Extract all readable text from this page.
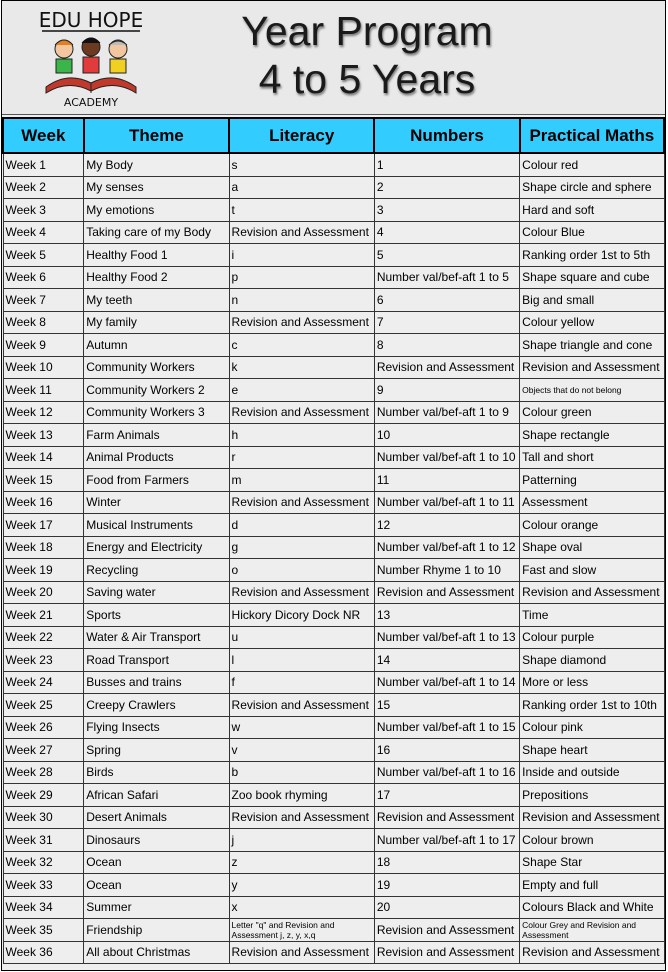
EDU HOPE
ACADEMY
Year Program
4 to 5 Years
Week	Theme	Literacy	Numbers	Practical Maths
Week 1	My Body	s	1	Colour red
Week 2	My senses	a	2	Shape circle and sphere
Week 3	My emotions	t	3	Hard and soft
Week 4	Taking care of my Body	Revision and Assessment	4	Colour Blue
Week 5	Healthy Food 1	i	5	Ranking order 1st to 5th
Week 6	Healthy Food 2	p	Number val/bef-aft 1 to 5	Shape square and cube
Week 7	My teeth	n	6	Big and small
Week 8	My family	Revision and Assessment	7	Colour yellow
Week 9	Autumn	c	8	Shape triangle and cone
Week 10	Community Workers	k	Revision and Assessment	Revision and Assessment
Week 11	Community Workers 2	e	9	Objects that do not belong
Week 12	Community Workers 3	Revision and Assessment	Number val/bef-aft 1 to 9	Colour green
Week 13	Farm Animals	h	10	Shape rectangle
Week 14	Animal Products	r	Number val/bef-aft 1 to 10	Tall and short
Week 15	Food from Farmers	m	11	Patterning
Week 16	Winter	Revision and Assessment	Number val/bef-aft 1 to 11	Assessment
Week 17	Musical Instruments	d	12	Colour orange
Week 18	Energy and Electricity	g	Number val/bef-aft 1 to 12	Shape oval
Week 19	Recycling	o	Number Rhyme 1 to 10	Fast and slow
Week 20	Saving water	Revision and Assessment	Revision and Assessment	Revision and Assessment
Week 21	Sports	Hickory Dicory Dock NR	13	Time
Week 22	Water & Air Transport	u	Number val/bef-aft 1 to 13	Colour purple
Week 23	Road Transport	l	14	Shape diamond
Week 24	Busses and trains	f	Number val/bef-aft 1 to 14	More or less
Week 25	Creepy Crawlers	Revision and Assessment	15	Ranking order 1st to 10th
Week 26	Flying Insects	w	Number val/bef-aft 1 to 15	Colour pink
Week 27	Spring	v	16	Shape heart
Week 28	Birds	b	Number val/bef-aft 1 to 16	Inside and outside
Week 29	African Safari	Zoo book rhyming	17	Prepositions
Week 30	Desert Animals	Revision and Assessment	Revision and Assessment	Revision and Assessment
Week 31	Dinosaurs	j	Number val/bef-aft 1 to 17	Colour brown
Week 32	Ocean	z	18	Shape Star
Week 33	Ocean	y	19	Empty and full
Week 34	Summer	x	20	Colours Black and White
Week 35	Friendship	Letter "q" and Revision and Assessment j, z, y, x,q	Revision and Assessment	Colour Grey and Revision and Assessment
Week 36	All about Christmas	Revision and Assessment	Revision and Assessment	Revision and Assessment
